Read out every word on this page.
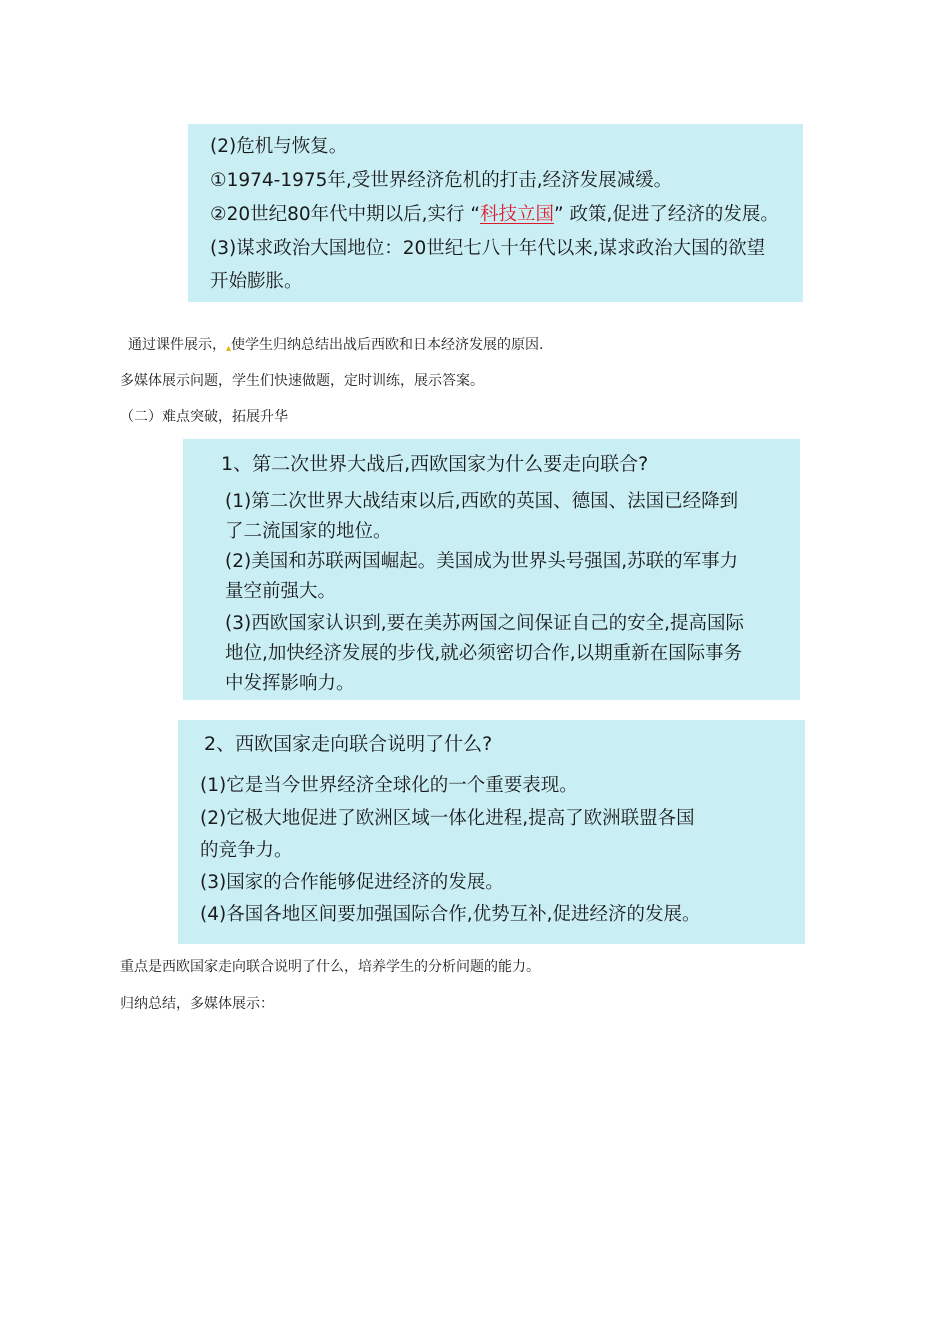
(2)危机与恢复。
①1974-1975年,受世界经济危机的打击,经济发展减缓。
②20世纪80年代中期以后,实行 “科技立国” 政策,促进了经济的发展。
(3)谋求政治大国地位：20世纪七八十年代以来,谋求政治大国的欲望
开始膨胀。
通过课件展示，▴使学生归纳总结出战后西欧和日本经济发展的原因.
多媒体展示问题，学生们快速做题，定时训练，展示答案。
（二）难点突破，拓展升华
1、第二次世界大战后,西欧国家为什么要走向联合?
(1)第二次世界大战结束以后,西欧的英国、德国、法国已经降到
了二流国家的地位。
(2)美国和苏联两国崛起。美国成为世界头号强国,苏联的军事力
量空前强大。
(3)西欧国家认识到,要在美苏两国之间保证自己的安全,提高国际
地位,加快经济发展的步伐,就必须密切合作,以期重新在国际事务
中发挥影响力。
2、西欧国家走向联合说明了什么?
(1)它是当今世界经济全球化的一个重要表现。
(2)它极大地促进了欧洲区域一体化进程,提高了欧洲联盟各国
的竞争力。
(3)国家的合作能够促进经济的发展。
(4)各国各地区间要加强国际合作,优势互补,促进经济的发展。
重点是西欧国家走向联合说明了什么，培养学生的分析问题的能力。
归纳总结，多媒体展示：
